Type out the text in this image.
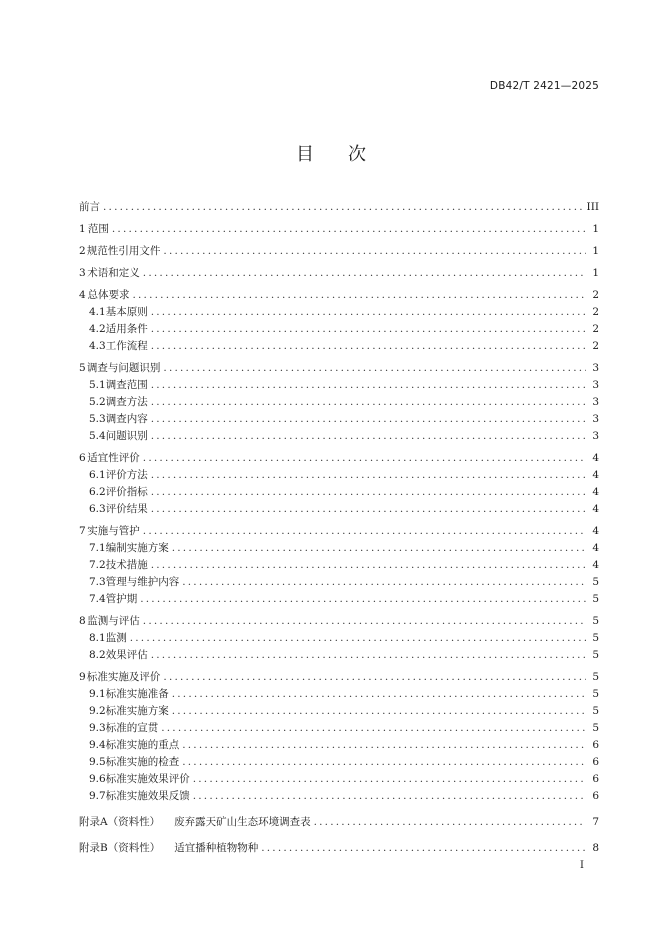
DB42/T 2421—2025
目 次
前言 .....	III
1 范围 .....	1
2 规范性引用文件 .....	1
3 术语和定义 .....	1
4 总体要求 .....	2
4.1 基本原则 .....	2
4.2 适用条件 .....	2
4.3 工作流程 .....	2
5 调查与问题识别 .....	3
5.1 调查范围 .....	3
5.2 调查方法 .....	3
5.3 调查内容 .....	3
5.4 问题识别 .....	3
6 适宜性评价 .....	4
6.1 评价方法 .....	4
6.2 评价指标 .....	4
6.3 评价结果 .....	4
7 实施与管护 .....	4
7.1 编制实施方案 .....	4
7.2 技术措施 .....	4
7.3 管理与维护内容 .....	5
7.4 管护期 .....	5
8 监测与评估 .....	5
8.1 监测 .....	5
8.2 效果评估 .....	5
9 标准实施及评价 .....	5
9.1 标准实施准备 .....	5
9.2 标准实施方案 .....	5
9.3 标准的宣贯 .....	5
9.4 标准实施的重点 .....	6
9.5 标准实施的检查 .....	6
9.6 标准实施效果评价 .....	6
9.7 标准实施效果反馈 .....	6
附录A（资料性） 废弃露天矿山生态环境调查表 .....	7
附录B（资料性） 适宜播种植物物种 .....	8
I
